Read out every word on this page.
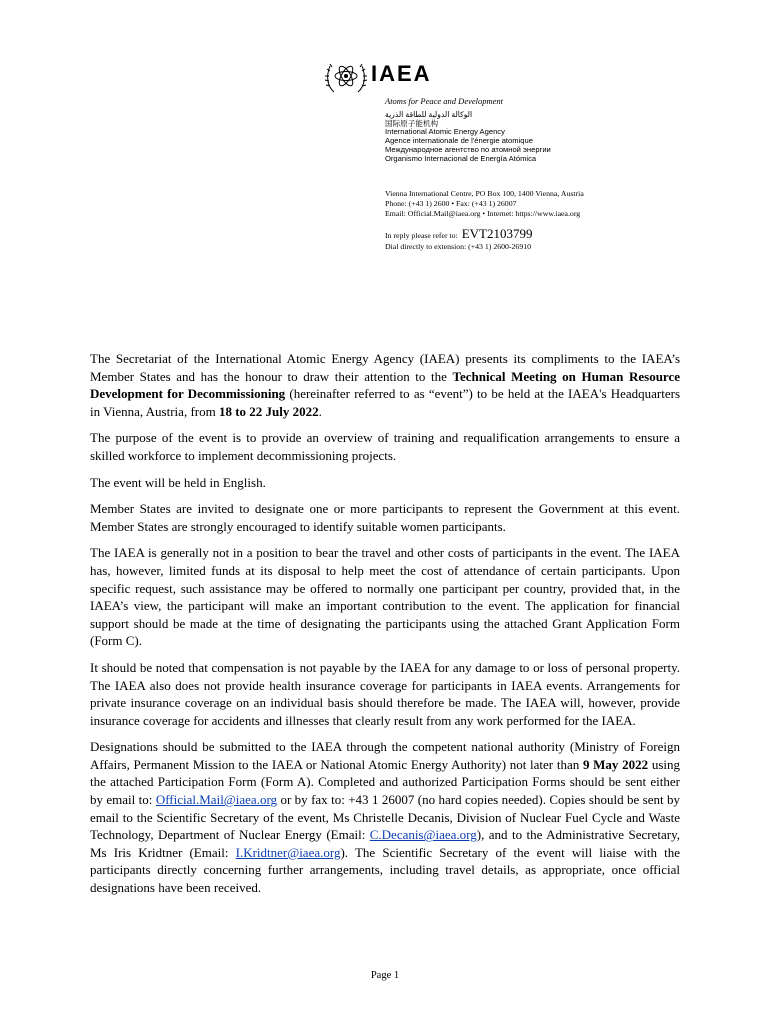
IAEA
Atoms for Peace and Development
الوكالة الدولية للطاقة الذرية
国际原子能机构
International Atomic Energy Agency
Agence internationale de l'énergie atomique
Международное агентство по атомной энергии
Organismo Internacional de Energía Atómica
Vienna International Centre, PO Box 100, 1400 Vienna, Austria
Phone: (+43 1) 2600 • Fax: (+43 1) 26007
Email: Official.Mail@iaea.org • Internet: https://www.iaea.org
In reply please refer to: EVT2103799
Dial directly to extension: (+43 1) 2600-26910

The Secretariat of the International Atomic Energy Agency (IAEA) presents its compliments to the IAEA’s Member States and has the honour to draw their attention to the Technical Meeting on Human Resource Development for Decommissioning (hereinafter referred to as “event”) to be held at the IAEA's Headquarters in Vienna, Austria, from 18 to 22 July 2022.

The purpose of the event is to provide an overview of training and requalification arrangements to ensure a skilled workforce to implement decommissioning projects.

The event will be held in English.

Member States are invited to designate one or more participants to represent the Government at this event. Member States are strongly encouraged to identify suitable women participants.

The IAEA is generally not in a position to bear the travel and other costs of participants in the event. The IAEA has, however, limited funds at its disposal to help meet the cost of attendance of certain participants. Upon specific request, such assistance may be offered to normally one participant per country, provided that, in the IAEA’s view, the participant will make an important contribution to the event. The application for financial support should be made at the time of designating the participants using the attached Grant Application Form (Form C).

It should be noted that compensation is not payable by the IAEA for any damage to or loss of personal property. The IAEA also does not provide health insurance coverage for participants in IAEA events. Arrangements for private insurance coverage on an individual basis should therefore be made. The IAEA will, however, provide insurance coverage for accidents and illnesses that clearly result from any work performed for the IAEA.

Designations should be submitted to the IAEA through the competent national authority (Ministry of Foreign Affairs, Permanent Mission to the IAEA or National Atomic Energy Authority) not later than 9 May 2022 using the attached Participation Form (Form A). Completed and authorized Participation Forms should be sent either by email to: Official.Mail@iaea.org or by fax to: +43 1 26007 (no hard copies needed). Copies should be sent by email to the Scientific Secretary of the event, Ms Christelle Decanis, Division of Nuclear Fuel Cycle and Waste Technology, Department of Nuclear Energy (Email: C.Decanis@iaea.org), and to the Administrative Secretary, Ms Iris Kridtner (Email: I.Kridtner@iaea.org). The Scientific Secretary of the event will liaise with the participants directly concerning further arrangements, including travel details, as appropriate, once official designations have been received.

Page 1
